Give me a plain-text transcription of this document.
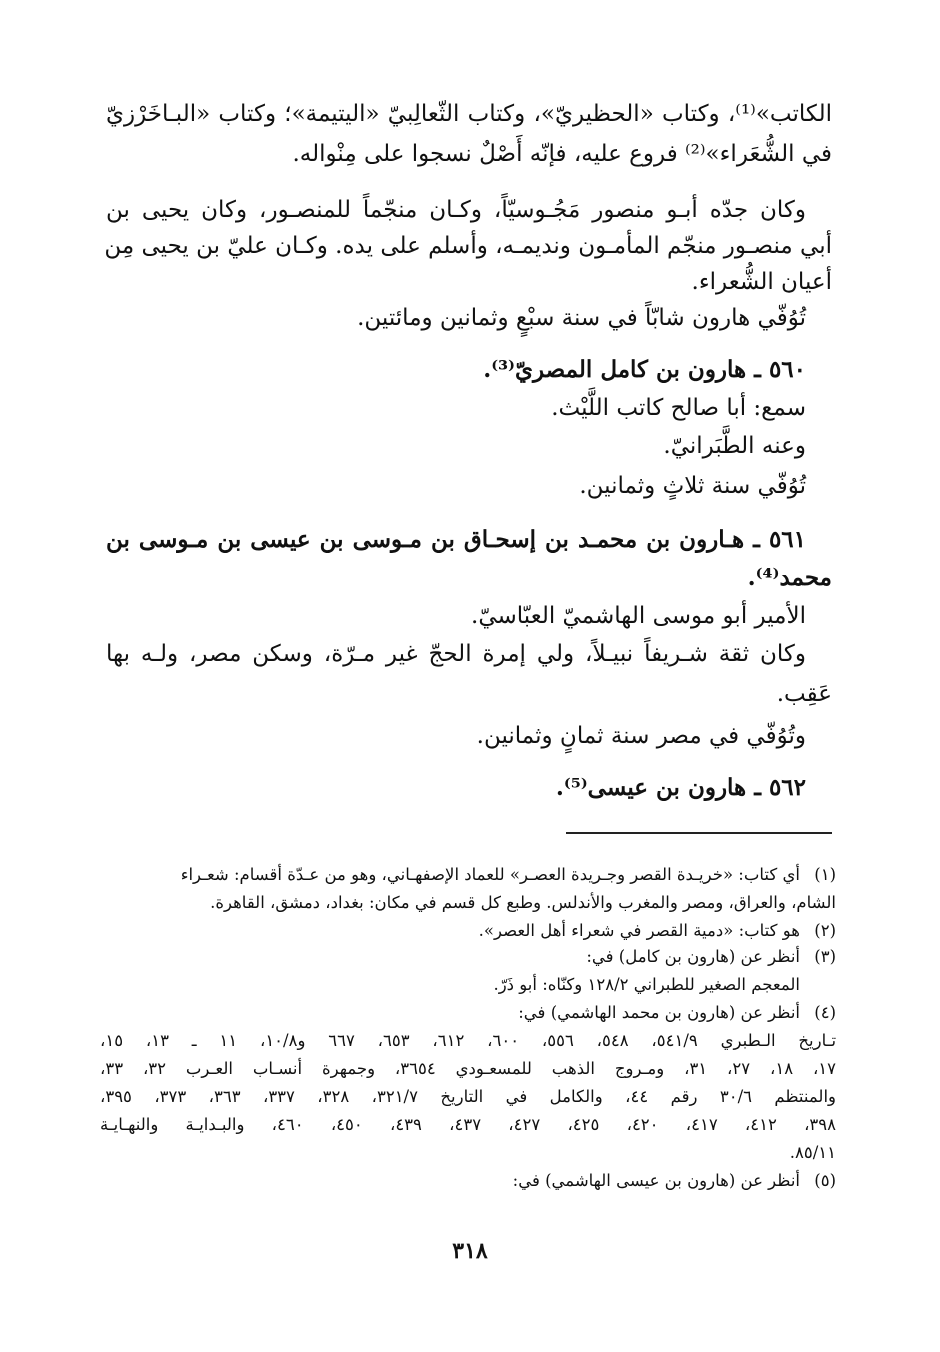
الكاتب»⁽¹⁾، وكتاب «الحظيريّ»، وكتاب الثّعالِبيّ «اليتيمة»؛ وكتاب «البـاخَرْزيّ
في الشُّعَراء»⁽²⁾ فروع عليه، فإنّه أَصْلٌ نسجوا على مِنْواله.
وكان جدّه أبـو منصور مَجُـوسيّاً، وكـان منجّماً للمنصـور، وكان يحيى بن
أبي منصـور منجّم المأمـون ونديمـه، وأسلم على يده. وكـان عليّ بن يحيى مِن
أعيان الشُّعراء.
تُوُفّي هارون شابّاً في سنة سبْعٍ وثمانين ومائتين.
٥٦٠ ـ هارون بن كامل المصريّ⁽³⁾.
سمع: أبا صالح كاتب اللَّيْث.
وعنه الطَّبَرانيّ.
تُوُفّي سنة ثلاثٍ وثمانين.
٥٦١ ـ هـارون بن محمـد بن إسحـاق بن مـوسى بن عيسى بن مـوسى بن
محمد⁽⁴⁾.
الأمير أبو موسى الهاشميّ العبّاسيّ.
وكان ثقة شـريفاً نبيـلاً، ولي إمرة الحجّ غير مـرّة، وسكن مصر، ولـه بها
عَقِب.
وتُوُفّي في مصر سنة ثمانٍ وثمانين.
٥٦٢ ـ هارون بن عيسى⁽⁵⁾.
(١)
أي كتاب: «خريـدة القصر وجـريدة العصـر» للعماد الإصفهـاني، وهو من عـدّة أقسام: شعـراء
الشام، والعراق، ومصر والمغرب والأندلس. وطبع كل قسم في مكان: بغداد، دمشق، القاهرة.
(٢)
هو كتاب: «دمية القصر في شعراء أهل العصر».
(٣)
أنظر عن (هارون بن كامل) في:
المعجم الصغير للطبراني ١٢٨/٢ وكنّاه: أبو ذَرّ.
(٤)
أنظر عن (هارون بن محمد الهاشمي) في:
تـاريخ الـطبري ٥٤١/٩، ٥٤٨، ٥٥٦، ٦٠٠، ٦١٢، ٦٥٣، ٦٦٧ و١٠/٨، ١١ ـ ١٣، ١٥،
١٧، ١٨، ٢٧، ٣١، ومـروج الذهب للمسعـودي ٣٦٥٤، وجمهرة أنسـاب العـرب ٣٢، ٣٣،
والمنتظم ٣٠/٦ رقم ٤٤، والكامل في التاريخ ٣٢١/٧، ٣٢٨، ٣٣٧، ٣٦٣، ٣٧٣، ٣٩٥،
٣٩٨، ٤١٢، ٤١٧، ٤٢٠، ٤٢٥، ٤٢٧، ٤٣٧، ٤٣٩، ٤٥٠، ٤٦٠، والبـدايـة والنهـايـة
٨٥/١١.
(٥)
أنظر عن (هارون بن عيسى الهاشمي) في:
٣١٨
